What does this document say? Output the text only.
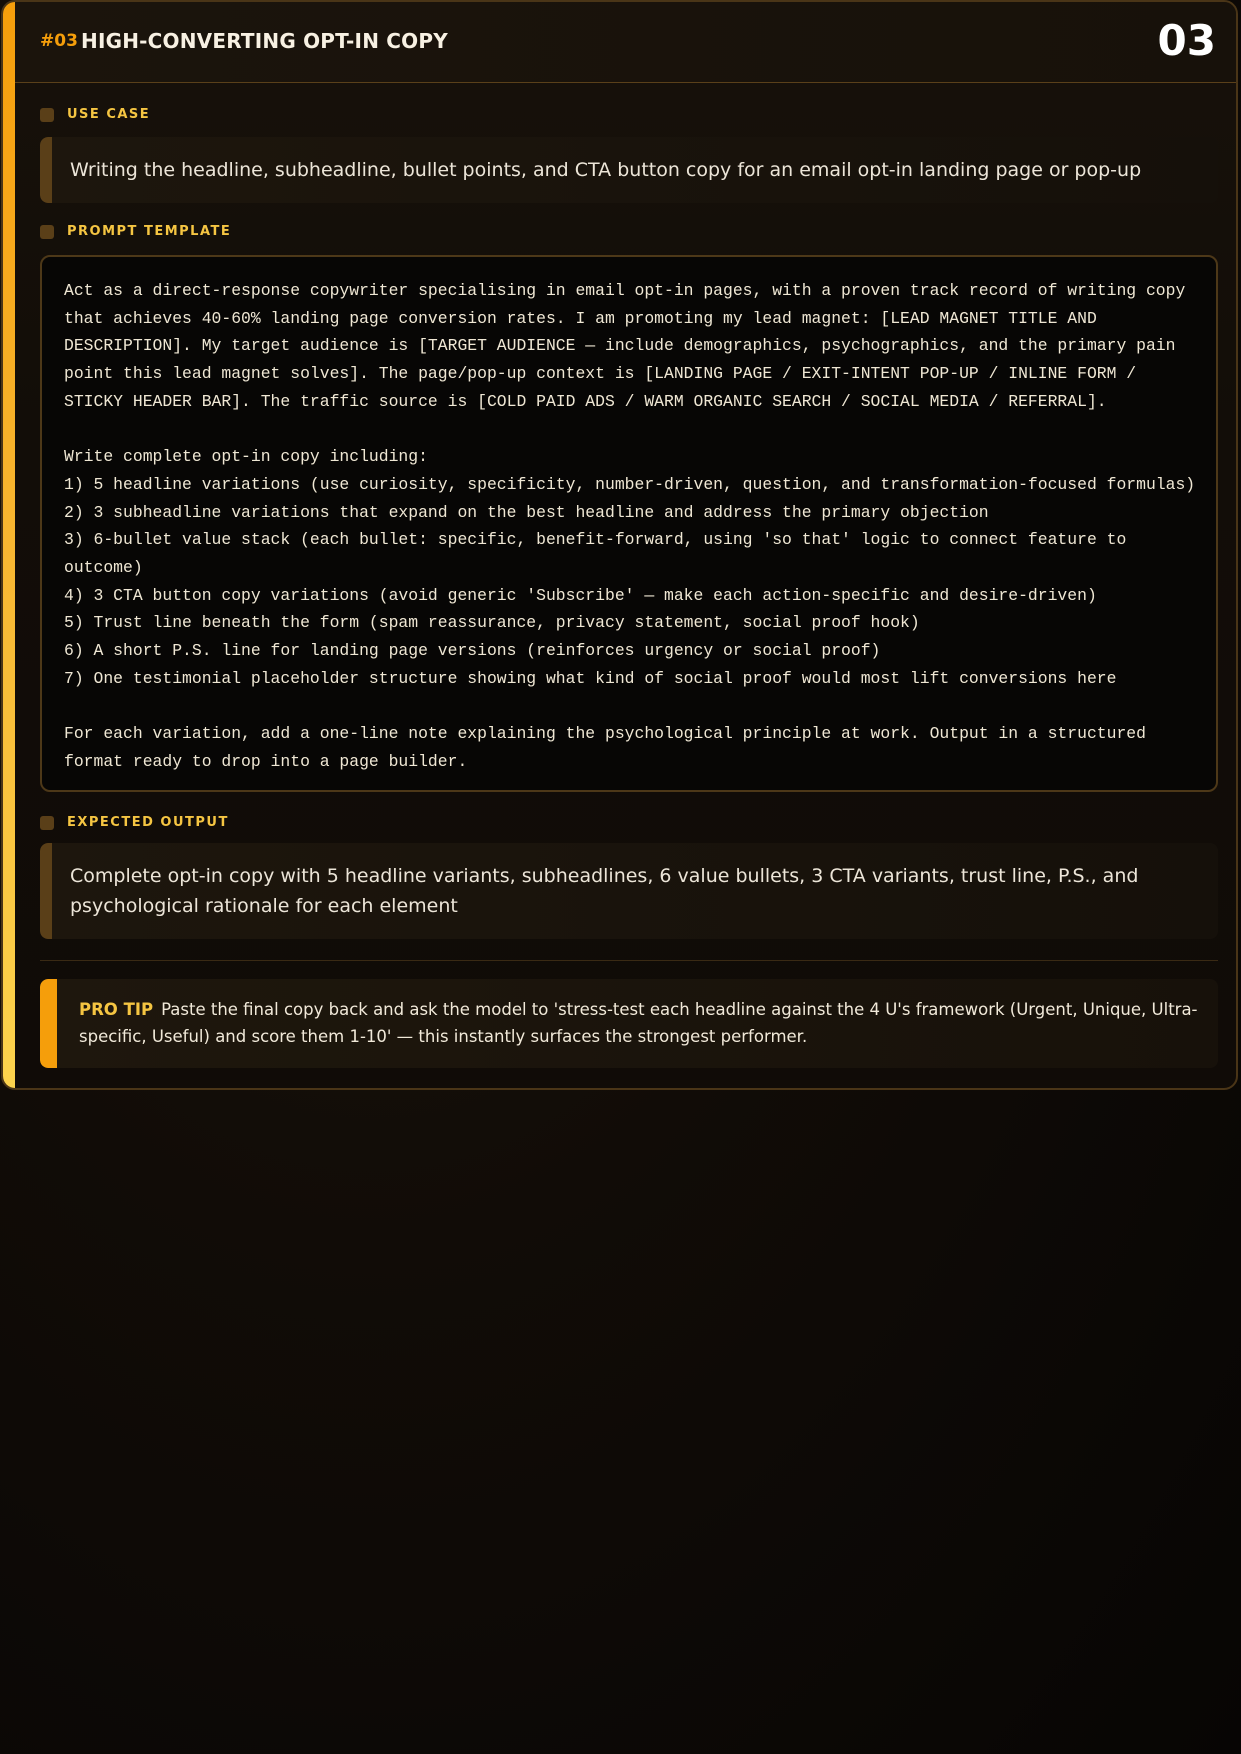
#03 HIGH-CONVERTING OPT-IN COPY	03
USE CASE
Writing the headline, subheadline, bullet points, and CTA button copy for an email opt-in landing page or pop-up
PROMPT TEMPLATE
Act as a direct-response copywriter specialising in email opt-in pages, with a proven track record of writing copy
that achieves 40-60% landing page conversion rates. I am promoting my lead magnet: [LEAD MAGNET TITLE AND
DESCRIPTION]. My target audience is [TARGET AUDIENCE — include demographics, psychographics, and the primary pain
point this lead magnet solves]. The page/pop-up context is [LANDING PAGE / EXIT-INTENT POP-UP / INLINE FORM /
STICKY HEADER BAR]. The traffic source is [COLD PAID ADS / WARM ORGANIC SEARCH / SOCIAL MEDIA / REFERRAL].

Write complete opt-in copy including:
1) 5 headline variations (use curiosity, specificity, number-driven, question, and transformation-focused formulas)
2) 3 subheadline variations that expand on the best headline and address the primary objection
3) 6-bullet value stack (each bullet: specific, benefit-forward, using 'so that' logic to connect feature to
outcome)
4) 3 CTA button copy variations (avoid generic 'Subscribe' — make each action-specific and desire-driven)
5) Trust line beneath the form (spam reassurance, privacy statement, social proof hook)
6) A short P.S. line for landing page versions (reinforces urgency or social proof)
7) One testimonial placeholder structure showing what kind of social proof would most lift conversions here

For each variation, add a one-line note explaining the psychological principle at work. Output in a structured
format ready to drop into a page builder.
EXPECTED OUTPUT
Complete opt-in copy with 5 headline variants, subheadlines, 6 value bullets, 3 CTA variants, trust line, P.S., and psychological rationale for each element
PRO TIP Paste the final copy back and ask the model to 'stress-test each headline against the 4 U's framework (Urgent, Unique, Ultra-specific, Useful) and score them 1-10' — this instantly surfaces the strongest performer.
